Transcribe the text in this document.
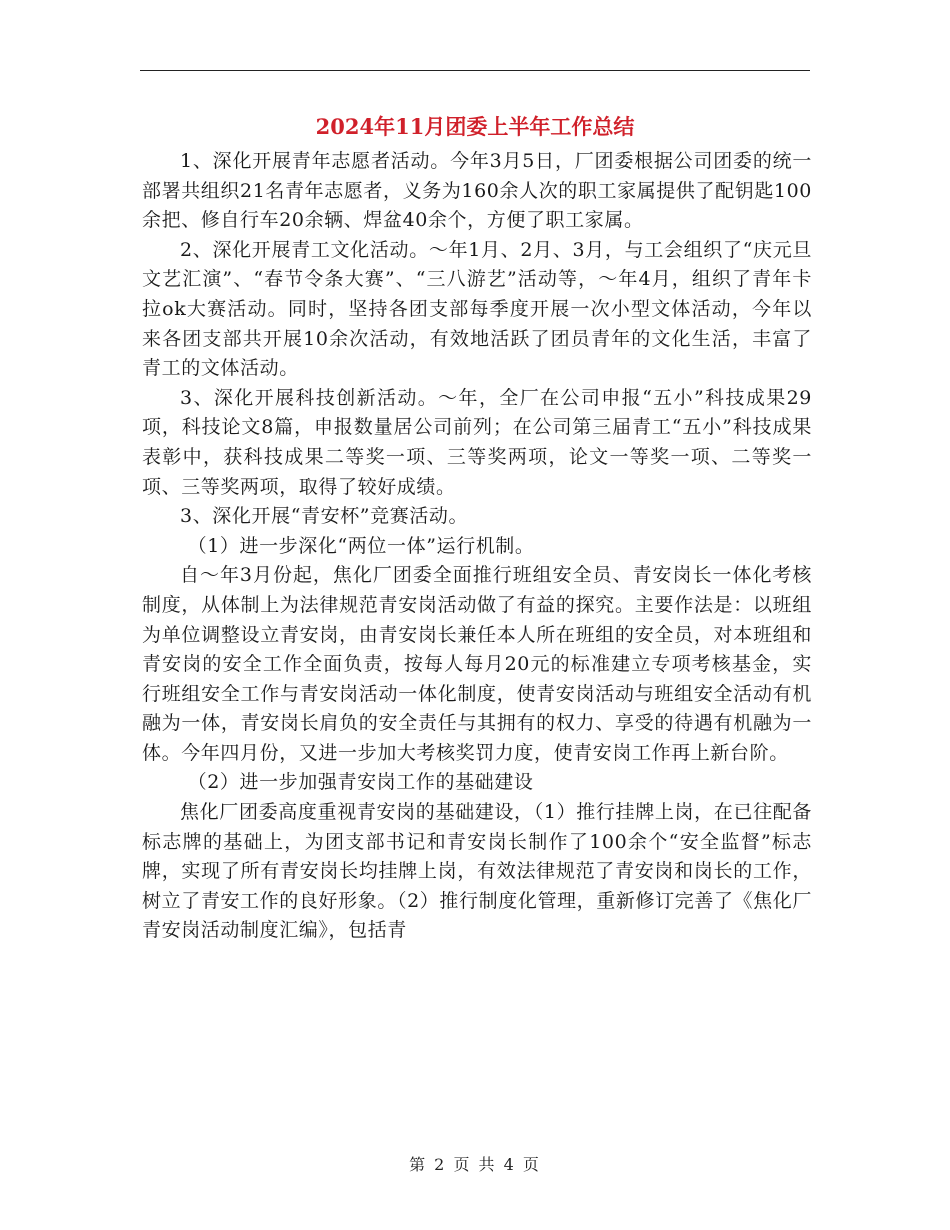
2024年11月团委上半年工作总结

1、深化开展青年志愿者活动。今年3月5日，厂团委根据公司团委的统一部署共组织21名青年志愿者，义务为160余人次的职工家属提供了配钥匙100余把、修自行车20余辆、焊盆40余个，方便了职工家属。

2、深化开展青工文化活动。～年1月、2月、3月，与工会组织了“庆元旦文艺汇演”、“春节令条大赛”、“三八游艺”活动等，～年4月，组织了青年卡拉ok大赛活动。同时，坚持各团支部每季度开展一次小型文体活动，今年以来各团支部共开展10余次活动，有效地活跃了团员青年的文化生活，丰富了青工的文体活动。

3、深化开展科技创新活动。～年，全厂在公司申报“五小”科技成果29项，科技论文8篇，申报数量居公司前列；在公司第三届青工“五小”科技成果表彰中，获科技成果二等奖一项、三等奖两项，论文一等奖一项、二等奖一项、三等奖两项，取得了较好成绩。

3、深化开展“青安杯”竞赛活动。

（1）进一步深化“两位一体”运行机制。

自～年3月份起，焦化厂团委全面推行班组安全员、青安岗长一体化考核制度，从体制上为法律规范青安岗活动做了有益的探究。主要作法是：以班组为单位调整设立青安岗，由青安岗长兼任本人所在班组的安全员，对本班组和青安岗的安全工作全面负责，按每人每月20元的标准建立专项考核基金，实行班组安全工作与青安岗活动一体化制度，使青安岗活动与班组安全活动有机融为一体，青安岗长肩负的安全责任与其拥有的权力、享受的待遇有机融为一体。今年四月份，又进一步加大考核奖罚力度，使青安岗工作再上新台阶。

（2）进一步加强青安岗工作的基础建设

焦化厂团委高度重视青安岗的基础建设，（1）推行挂牌上岗，在已往配备标志牌的基础上，为团支部书记和青安岗长制作了100余个“安全监督”标志牌，实现了所有青安岗长均挂牌上岗，有效法律规范了青安岗和岗长的工作，树立了青安工作的良好形象。（2）推行制度化管理，重新修订完善了《焦化厂青安岗活动制度汇编》，包括青

第 2 页 共 4 页
